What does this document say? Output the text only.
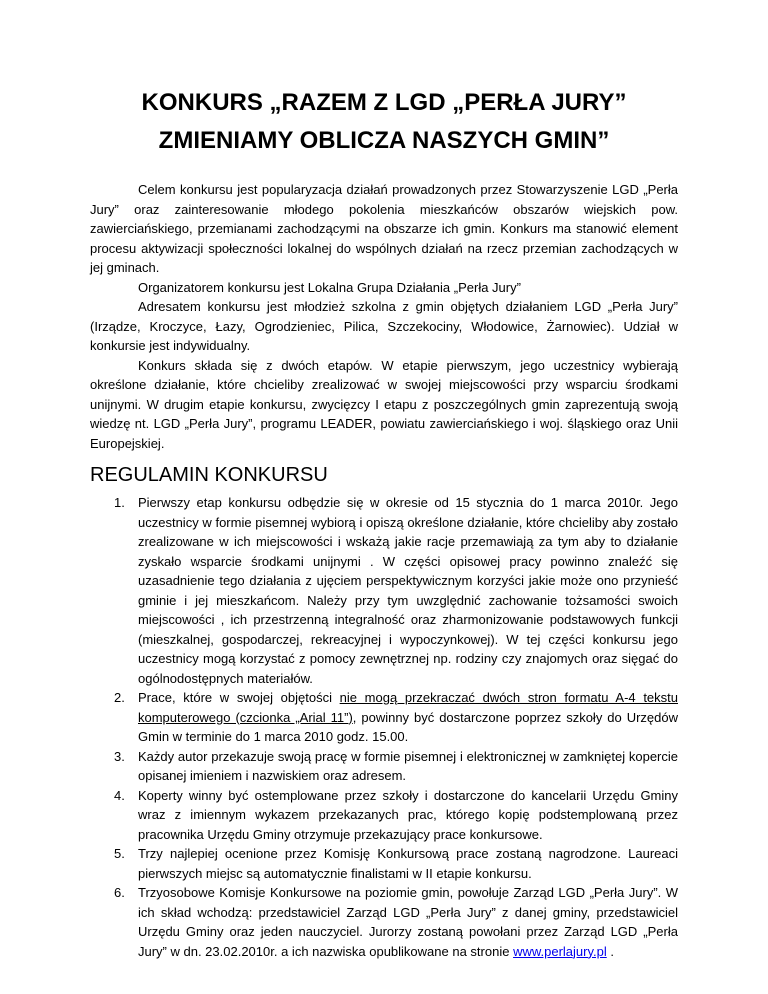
KONKURS „RAZEM Z LGD „PERŁA JURY”
ZMIENIAMY OBLICZA NASZYCH GMIN”

Celem konkursu jest popularyzacja działań prowadzonych przez Stowarzyszenie LGD „Perła Jury” oraz zainteresowanie młodego pokolenia mieszkańców obszarów wiejskich pow. zawierciańskiego, przemianami zachodzącymi na obszarze ich gmin. Konkurs ma stanowić element procesu aktywizacji społeczności lokalnej do wspólnych działań na rzecz przemian zachodzących w jej gminach.

Organizatorem konkursu jest Lokalna Grupa Działania „Perła Jury”

Adresatem konkursu jest młodzież szkolna z gmin objętych działaniem LGD „Perła Jury” (Irządze, Kroczyce, Łazy, Ogrodzieniec, Pilica, Szczekociny, Włodowice, Żarnowiec). Udział w konkursie jest indywidualny.

Konkurs składa się z dwóch etapów. W etapie pierwszym, jego uczestnicy wybierają określone działanie, które chcieliby zrealizować w swojej miejscowości przy wsparciu środkami unijnymi. W drugim etapie konkursu, zwycięzcy I etapu z poszczególnych gmin zaprezentują swoją wiedzę nt. LGD „Perła Jury”, programu LEADER, powiatu zawierciańskiego i woj. śląskiego oraz Unii Europejskiej.

REGULAMIN KONKURSU
1. Pierwszy etap konkursu odbędzie się w okresie od 15 stycznia do 1 marca 2010r. Jego uczestnicy w formie pisemnej wybiorą i opiszą określone działanie, które chcieliby aby zostało zrealizowane w ich miejscowości i wskażą jakie racje przemawiają za tym aby to działanie zyskało wsparcie środkami unijnymi . W części opisowej pracy powinno znaleźć się uzasadnienie tego działania z ujęciem perspektywicznym korzyści jakie może ono przynieść gminie i jej mieszkańcom. Należy przy tym uwzględnić zachowanie tożsamości swoich miejscowości , ich przestrzenną integralność oraz zharmonizowanie podstawowych funkcji (mieszkalnej, gospodarczej, rekreacyjnej i wypoczynkowej). W tej części konkursu jego uczestnicy mogą korzystać z pomocy zewnętrznej np. rodziny czy znajomych oraz sięgać do ogólnodostępnych materiałów.
2. Prace, które w swojej objętości nie mogą przekraczać dwóch stron formatu A-4 tekstu komputerowego (czcionka „Arial 11”), powinny być dostarczone poprzez szkoły do Urzędów Gmin w terminie do 1 marca 2010 godz. 15.00.
3. Każdy autor przekazuje swoją pracę w formie pisemnej i elektronicznej w zamkniętej kopercie opisanej imieniem i nazwiskiem oraz adresem.
4. Koperty winny być ostemplowane przez szkoły i dostarczone do kancelarii Urzędu Gminy wraz z imiennym wykazem przekazanych prac, którego kopię podstemplowaną przez pracownika Urzędu Gminy otrzymuje przekazujący prace konkursowe.
5. Trzy najlepiej ocenione przez Komisję Konkursową prace zostaną nagrodzone. Laureaci pierwszych miejsc są automatycznie finalistami w II etapie konkursu.
6. Trzyosobowe Komisje Konkursowe na poziomie gmin, powołuje Zarząd LGD „Perła Jury”. W ich skład wchodzą: przedstawiciel Zarząd LGD „Perła Jury” z danej gminy, przedstawiciel Urzędu Gminy oraz jeden nauczyciel. Jurorzy zostaną powołani przez Zarząd LGD „Perła Jury” w dn. 23.02.2010r. a ich nazwiska opublikowane na stronie www.perlajury.pl .
